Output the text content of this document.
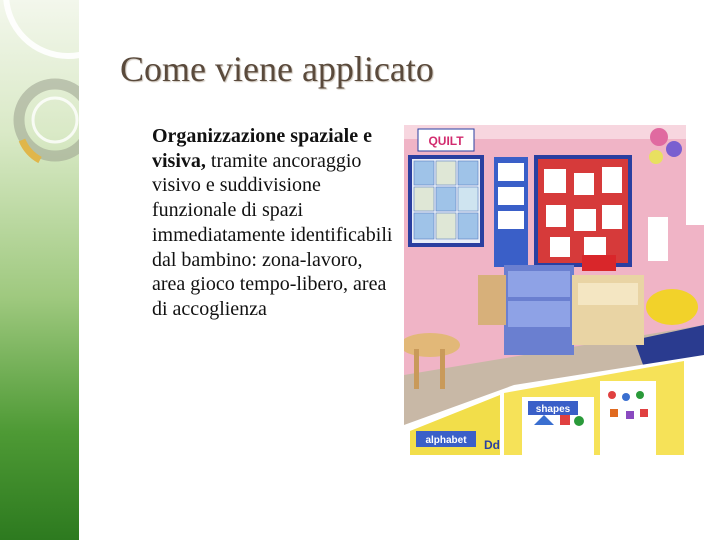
Come viene applicato
Organizzazione spaziale e visiva, tramite ancoraggio visivo e suddivisione funzionale di spazi immediatamente identificabili dal bambino: zona-lavoro, area gioco tempo-libero, area di accoglienza
QUILT
shapes
alphabet Dd
